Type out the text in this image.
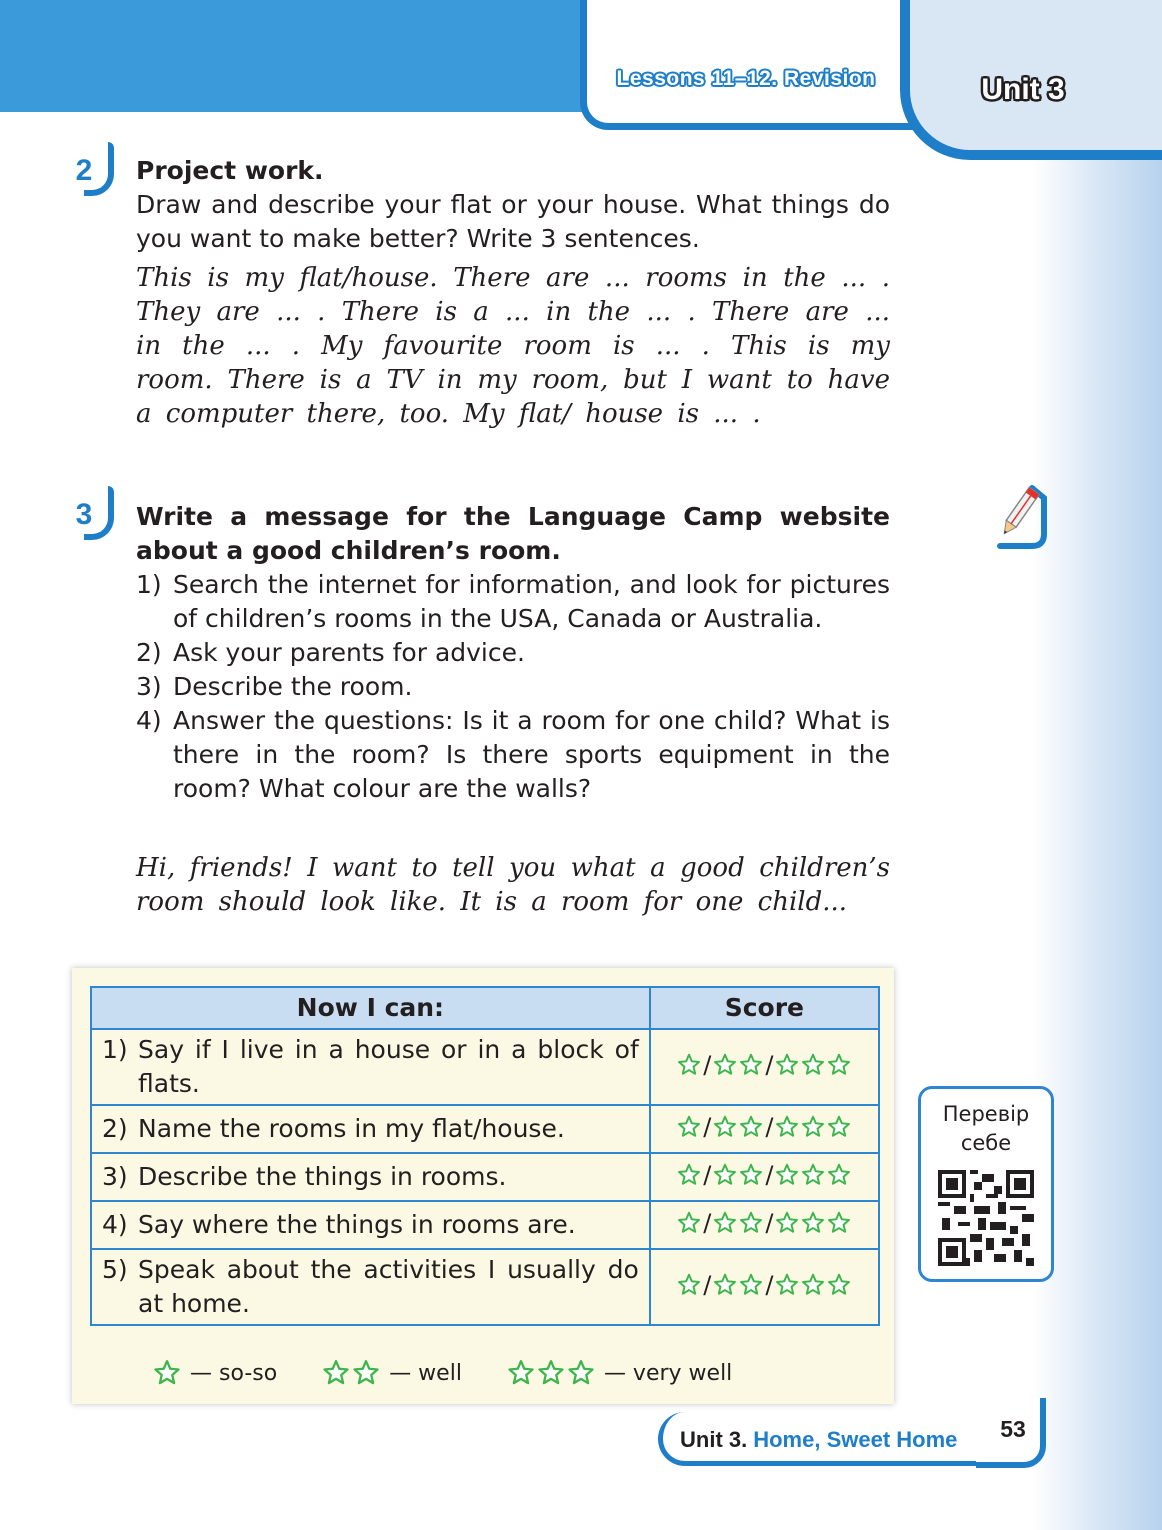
Lessons 11–12. Revision	Unit 3
2	Project work.
Draw and describe your flat or your house. What things do you want to make better? Write 3 sentences.
This is my flat/house. There are ... rooms in the ... . They are ... . There is a ... in the ... . There are ... in the ... . My favourite room is ... . This is my room. There is a TV in my room, but I want to have a computer there, too. My flat/ house is ... .
3	Write a message for the Language Camp website about a good children’s room.
1) Search the internet for information, and look for pictures of children’s rooms in the USA, Canada or Australia.
2) Ask your parents for advice.
3) Describe the room.
4) Answer the questions: Is it a room for one child? What is there in the room? Is there sports equipment in the room? What colour are the walls?
Hi, friends! I want to tell you what a good children’s room should look like. It is a room for one child...
Now I can:	Score

1) Say if I live in a house or in a block of flats.	/ /

2) Name the rooms in my flat/house.	/ /

3) Describe the things in rooms.	/ /

4) Say where the things in rooms are.	/ /

5) Speak about the activities I usually do at home.	/ /
— so-so	— well	— very well
Перевір себе
Unit 3. Home, Sweet Home	53
